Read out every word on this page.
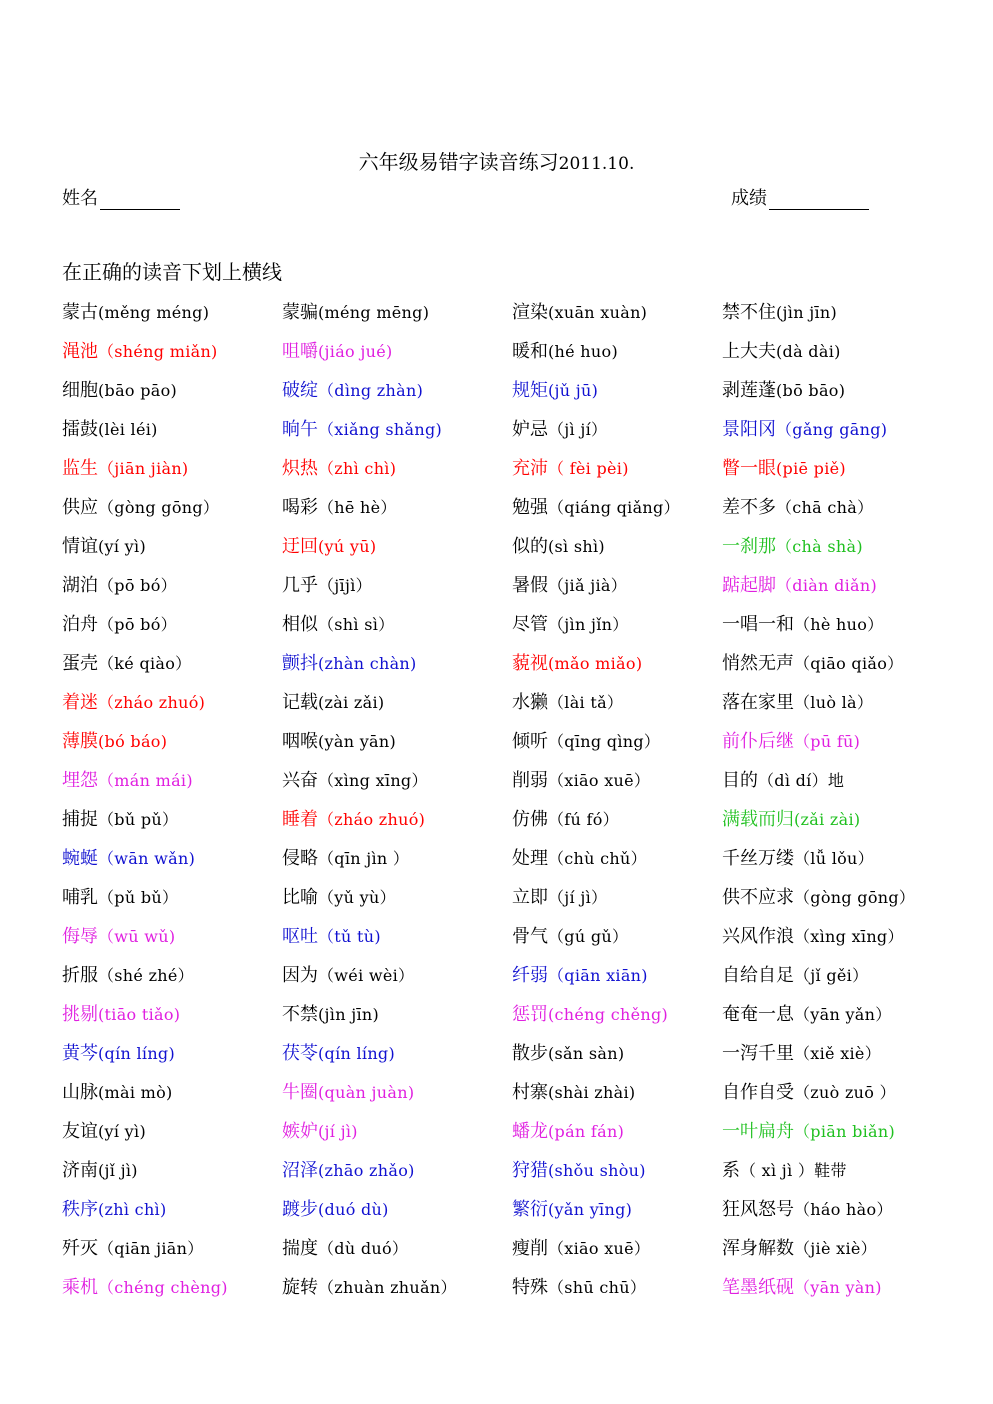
六年级易错字读音练习2011.10.
姓名	成绩
在正确的读音下划上横线
蒙古(měng méng)	蒙骗(méng mēng)	渲染(xuān xuàn)	禁不住(jìn jīn)
渑池（shéng miǎn)	咀嚼(jiáo jué)	暖和(hé huo)	上大夫(dà dài)
细胞(bāo pāo)	破绽（dìng zhàn)	规矩(jǔ jū)	剥莲蓬(bō bāo)
擂鼓(lèi léi)	晌午（xiǎng shǎng)	妒忌（jì jí）	景阳冈（gǎng gāng)
监生（jiān jiàn)	炽热（zhì chì)	充沛（ fèi pèi)	瞥一眼(piē piě)
供应（gòng gōng）	喝彩（hē hè）	勉强（qiáng qiǎng） 差不多（chā chà）
情谊(yí yì)	迂回(yú yū)	似的(sì shì)	一刹那（chà shà)
湖泊（pō bó）	几乎（jījì）	暑假（jiǎ jià）	踮起脚（diàn diǎn)
泊舟（pō bó）	相似（shì sì）	尽管（jìn jǐn）	一唱一和（hè huo）
蛋壳（ké qiào）	颤抖(zhàn chàn)	藐视(mǎo miǎo)	悄然无声（qiāo qiǎo）
着迷（zháo zhuó)	记载(zài zǎi)	水獭（lài tǎ）	落在家里（luò là）
薄膜(bó báo)	咽喉(yàn yān)	倾听（qīng qìng）	前仆后继（pū fū)
埋怨（mán mái)	兴奋（xìng xīng）	削弱（xiāo xuē）	目的（dì dí）地
捕捉（bǔ pǔ）	睡着（zháo zhuó)	仿佛（fú fó）	满载而归(zǎi zài)
蜿蜒（wān wǎn)	侵略（qīn jìn ）	处理（chù chǔ）	千丝万缕（lǚ lǒu）
哺乳（pǔ bǔ）	比喻（yǔ yù）	立即（jí jì）	供不应求（gòng gōng）
侮辱（wū wǔ)	呕吐（tǔ tù)	骨气（gú gǔ）	兴风作浪（xìng xīng）
折服（shé zhé）	因为（wéi wèi）	纤弱（qiān xiān)	自给自足（jǐ gěi）
挑剔(tiāo tiǎo)	不禁(jìn jīn)	惩罚(chéng chěng)	奄奄一息（yān yǎn）
黄芩(qín líng)	茯苓(qín líng)	散步(sǎn sàn)	一泻千里（xiě xiè）
山脉(mài mò)	牛圈(quàn juàn)	村寨(shài zhài)	自作自受（zuò zuō ）
友谊(yí yì)	嫉妒(jí jì)	蟠龙(pán fán)	一叶扁舟（piān biǎn)
济南(jǐ jì)	沼泽(zhāo zhǎo)	狩猎(shǒu shòu)	系（ xì jì ）鞋带
秩序(zhì chì)	踱步(duó dù)	繁衍(yǎn yīng)	狂风怒号（háo hào）
歼灭（qiān jiān）	揣度（dù duó）	瘦削（xiāo xuē）	浑身解数（jiè xiè）
乘机（chéng chèng)	旋转（zhuàn zhuǎn）	特殊（shū chū）	笔墨纸砚（yān yàn)
